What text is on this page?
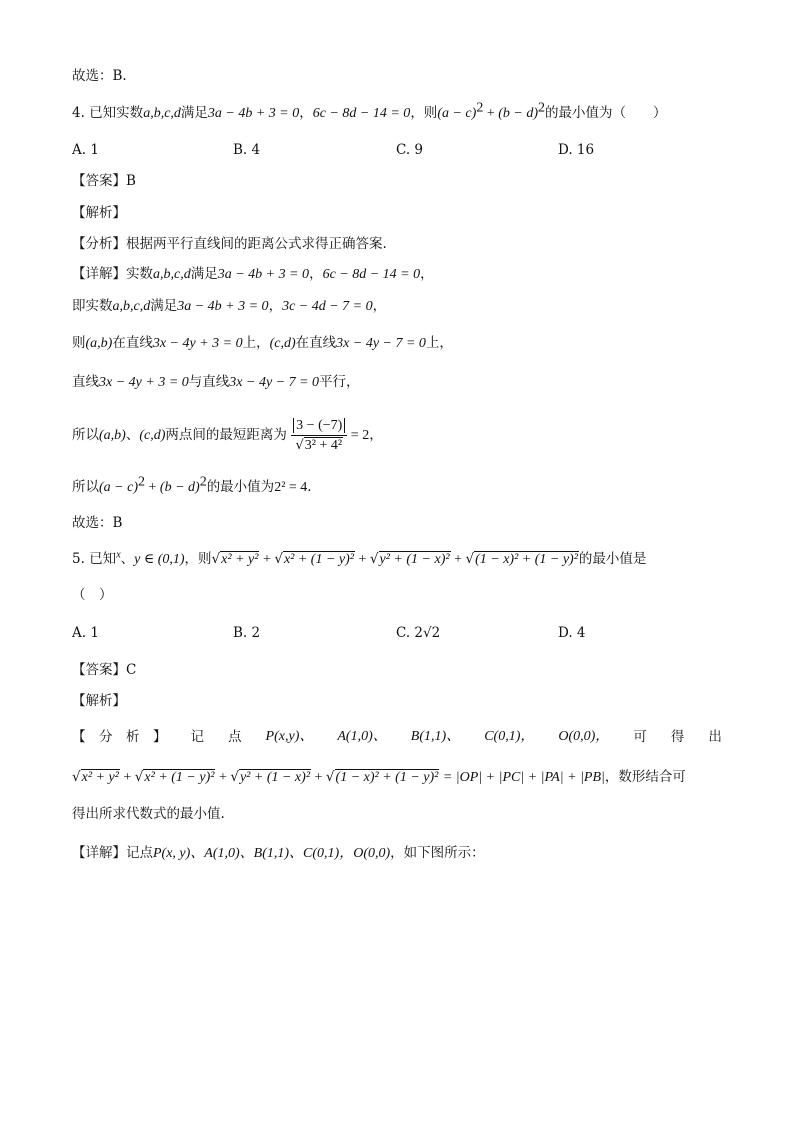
故选：B.
4. 已知实数a,b,c,d满足3a − 4b + 3 = 0，6c − 8d − 14 = 0，则$(a - c)^2 + (b - d)^2$的最小值为（　　）
A. 1	B. 4	C. 9	D. 16
【答案】B
【解析】
【分析】根据两平行直线间的距离公式求得正确答案.
【详解】实数a,b,c,d满足3a − 4b + 3 = 0，6c − 8d − 14 = 0，
即实数a,b,c,d满足3a − 4b + 3 = 0，3c − 4d − 7 = 0，
则(a,b)在直线3x − 4y + 3 = 0上，(c,d)在直线3x − 4y − 7 = 0上，
直线3x − 4y + 3 = 0与直线3x − 4y − 7 = 0平行，
所以(a,b)、(c,d)两点间的最短距离为 $\frac{3 - (-7)}{\text{√3² + 4²}} = 2$，
所以$(a - c)^2 + (b - d)^2$的最小值为2² = 4.
故选：B
5. 已知$^x$、y ∈ (0,1)，则√x² + y² + √x² + (1 − y)² + √y² + (1 − x)² + √(1 − x)² + (1 − y)²的最小值是
（　）
A. 1	B. 2	C. 2√2	D. 4
【答案】C
【解析】
【　分　析　】 记 点 P(x,y)、 A(1,0)、 B(1,1)、 C(0,1)， O(0,0)， 可 得 出
√x² + y² + √x² + (1 − y)² + √y² + (1 − x)² + √(1 − x)² + (1 − y)² = |OP| + |PC| + |PA| + |PB|，数形结合可
得出所求代数式的最小值.
【详解】记点P(x, y)、A(1,0)、B(1,1)、C(0,1)，O(0,0)，如下图所示：
